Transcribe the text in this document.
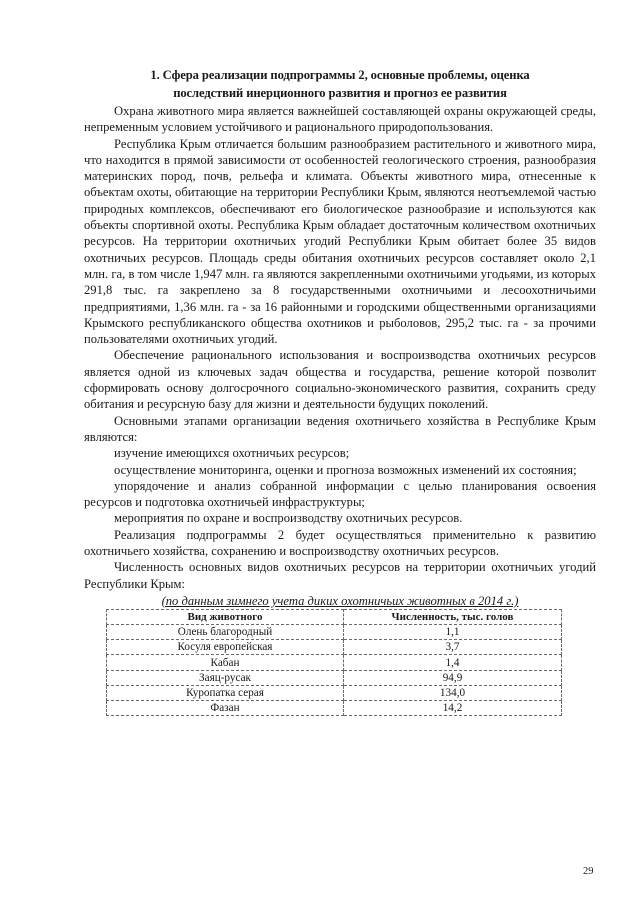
1. Сфера реализации подпрограммы 2, основные проблемы, оценка
последствий инерционного развития и прогноз ее развития

Охрана животного мира является важнейшей составляющей охраны окружающей среды, непременным условием устойчивого и рационального природопользования.

Республика Крым отличается большим разнообразием растительного и животного мира, что находится в прямой зависимости от особенностей геологического строения, разнообразия материнских пород, почв, рельефа и климата. Объекты животного мира, отнесенные к объектам охоты, обитающие на территории Республики Крым, являются неотъемлемой частью природных комплексов, обеспечивают его биологическое разнообразие и используются как объекты спортивной охоты. Республика Крым обладает достаточным количеством охотничьих ресурсов. На территории охотничьих угодий Республики Крым обитает более 35 видов охотничьих ресурсов. Площадь среды обитания охотничьих ресурсов составляет около 2,1 млн. га, в том числе 1,947 млн. га являются закрепленными охотничьими угодьями, из которых 291,8 тыс. га закреплено за 8 государственными охотничьими и лесоохотничьими предприятиями, 1,36 млн. га - за 16 районными и городскими общественными организациями Крымского республиканского общества охотников и рыболовов, 295,2 тыс. га - за прочими пользователями охотничьих угодий.

Обеспечение рационального использования и воспроизводства охотничьих ресурсов является одной из ключевых задач общества и государства, решение которой позволит сформировать основу долгосрочного социально-экономического развития, сохранить среду обитания и ресурсную базу для жизни и деятельности будущих поколений.

Основными этапами организации ведения охотничьего хозяйства в Республике Крым являются:

изучение имеющихся охотничьих ресурсов;

осуществление мониторинга, оценки и прогноза возможных изменений их состояния;

упорядочение и анализ собранной информации с целью планирования освоения ресурсов и подготовка охотничьей инфраструктуры;

мероприятия по охране и воспроизводству охотничьих ресурсов.

Реализация подпрограммы 2 будет осуществляться применительно к развитию охотничьего хозяйства, сохранению и воспроизводству охотничьих ресурсов.

Численность основных видов охотничьих ресурсов на территории охотничьих угодий Республики Крым:

(по данным зимнего учета диких охотничьих животных в 2014 г.)
Вид животного	Численность, тыс. голов
Олень благородный	1,1
Косуля европейская	3,7
Кабан	1,4
Заяц-русак	94,9
Куропатка серая	134,0
Фазан	14,2
29
